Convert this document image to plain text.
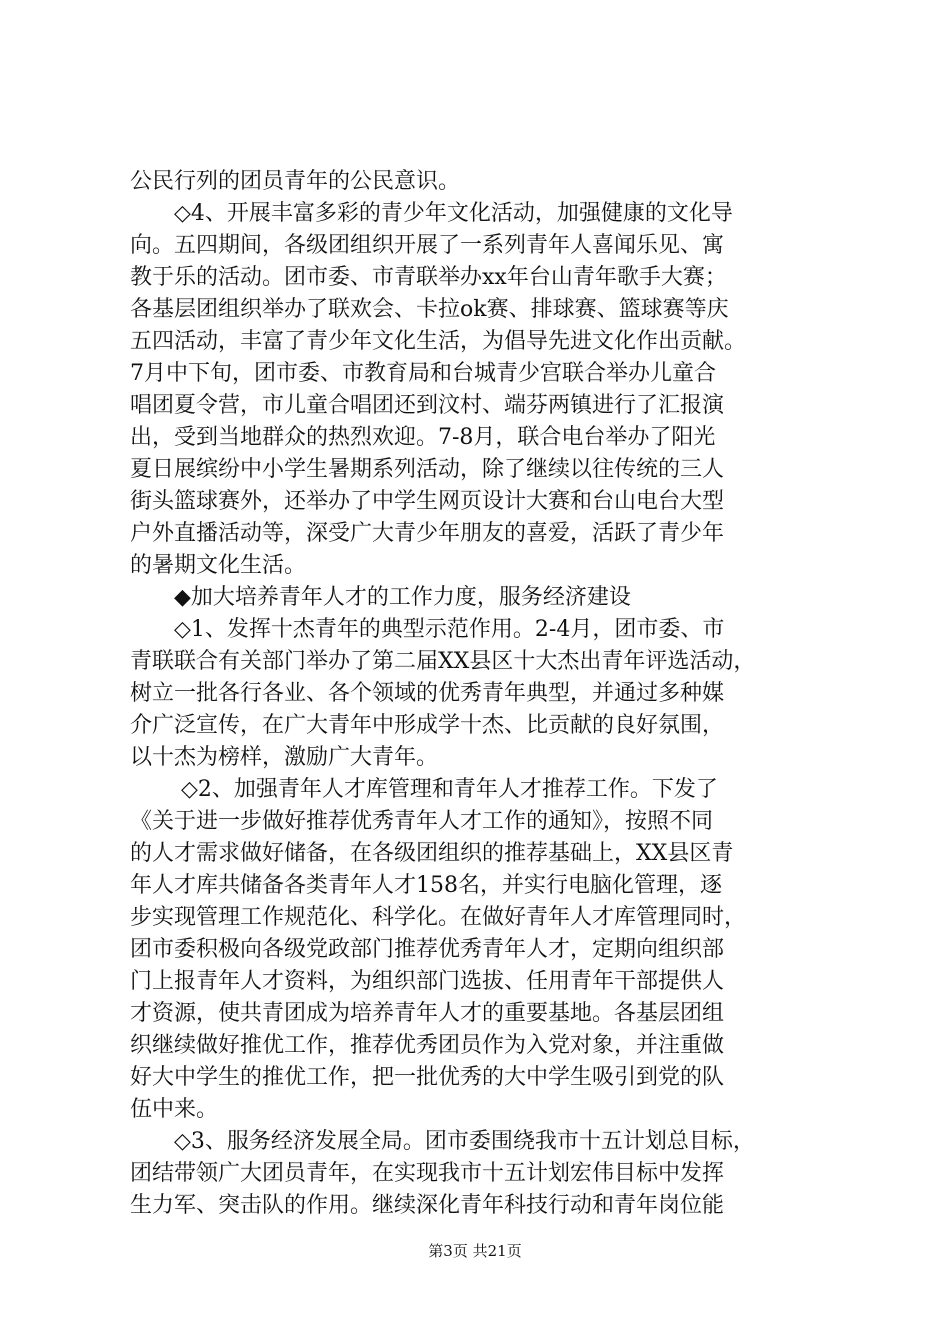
公民行列的团员青年的公民意识。
　　◇4、开展丰富多彩的青少年文化活动，加强健康的文化导
向。五四期间，各级团组织开展了一系列青年人喜闻乐见、寓
教于乐的活动。团市委、市青联举办xx年台山青年歌手大赛；
各基层团组织举办了联欢会、卡拉ok赛、排球赛、篮球赛等庆
五四活动，丰富了青少年文化生活，为倡导先进文化作出贡献。
7月中下旬，团市委、市教育局和台城青少宫联合举办儿童合
唱团夏令营，市儿童合唱团还到汶村、端芬两镇进行了汇报演
出，受到当地群众的热烈欢迎。7-8月，联合电台举办了阳光
夏日展缤纷中小学生暑期系列活动，除了继续以往传统的三人
街头篮球赛外，还举办了中学生网页设计大赛和台山电台大型
户外直播活动等，深受广大青少年朋友的喜爱，活跃了青少年
的暑期文化生活。
　　◆加大培养青年人才的工作力度，服务经济建设
　　◇1、发挥十杰青年的典型示范作用。2-4月，团市委、市
青联联合有关部门举办了第二届XX县区十大杰出青年评选活动，
树立一批各行各业、各个领域的优秀青年典型，并通过多种媒
介广泛宣传，在广大青年中形成学十杰、比贡献的良好氛围，
以十杰为榜样，激励广大青年。
　　 ◇2、加强青年人才库管理和青年人才推荐工作。下发了
《关于进一步做好推荐优秀青年人才工作的通知》，按照不同
的人才需求做好储备，在各级团组织的推荐基础上，XX县区青
年人才库共储备各类青年人才158名，并实行电脑化管理，逐
步实现管理工作规范化、科学化。在做好青年人才库管理同时，
团市委积极向各级党政部门推荐优秀青年人才，定期向组织部
门上报青年人才资料，为组织部门选拔、任用青年干部提供人
才资源，使共青团成为培养青年人才的重要基地。各基层团组
织继续做好推优工作，推荐优秀团员作为入党对象，并注重做
好大中学生的推优工作，把一批优秀的大中学生吸引到党的队
伍中来。
　　◇3、服务经济发展全局。团市委围绕我市十五计划总目标，
团结带领广大团员青年，在实现我市十五计划宏伟目标中发挥
生力军、突击队的作用。继续深化青年科技行动和青年岗位能
第3页 共21页
